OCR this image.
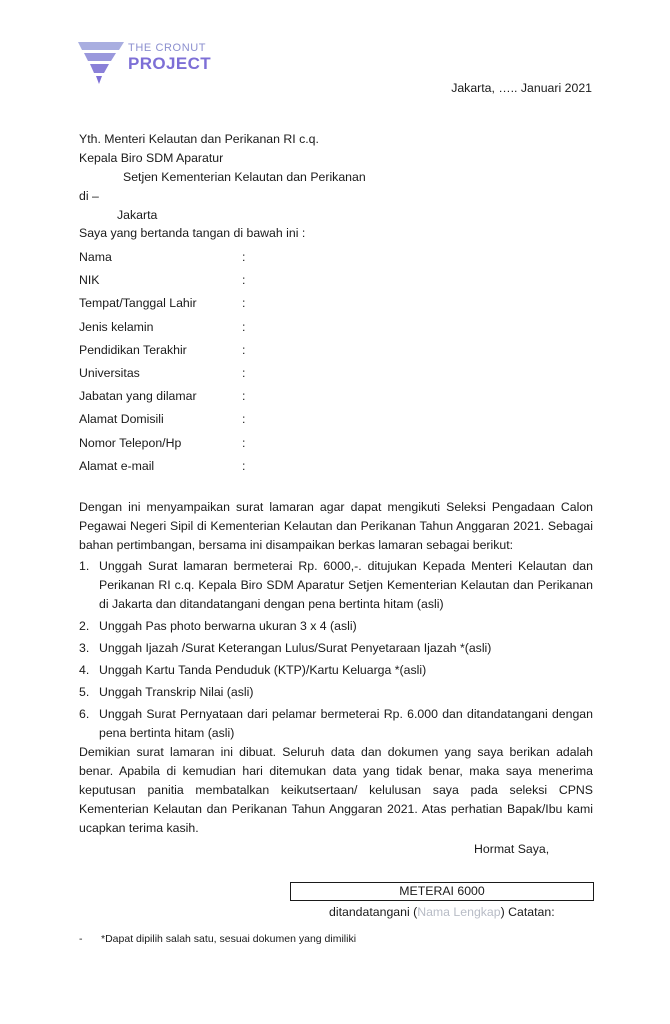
THE CRONUT
PROJECT
Jakarta, ….. Januari 2021
Yth. Menteri Kelautan dan Perikanan RI c.q.
Kepala Biro SDM Aparatur
Setjen Kementerian Kelautan dan Perikanan
di –
Jakarta
Saya yang bertanda tangan di bawah ini :
Nama	:
NIK	:
Tempat/Tanggal Lahir	:
Jenis kelamin	:
Pendidikan Terakhir	:
Universitas	:
Jabatan yang dilamar	:
Alamat Domisili	:
Nomor Telepon/Hp	:
Alamat e-mail	:
Dengan ini menyampaikan surat lamaran agar dapat mengikuti Seleksi Pengadaan Calon Pegawai Negeri Sipil di Kementerian Kelautan dan Perikanan Tahun Anggaran 2021. Sebagai bahan pertimbangan, bersama ini disampaikan berkas lamaran sebagai berikut:
1. Unggah Surat lamaran bermeterai Rp. 6000,-. ditujukan Kepada Menteri Kelautan dan Perikanan RI c.q. Kepala Biro SDM Aparatur Setjen Kementerian Kelautan dan Perikanan di Jakarta dan ditandatangani dengan pena bertinta hitam (asli)
2. Unggah Pas photo berwarna ukuran 3 x 4 (asli)
3. Unggah Ijazah /Surat Keterangan Lulus/Surat Penyetaraan Ijazah *(asli)
4. Unggah Kartu Tanda Penduduk (KTP)/Kartu Keluarga *(asli)
5. Unggah Transkrip Nilai (asli)
6. Unggah Surat Pernyataan dari pelamar bermeterai Rp. 6.000 dan ditandatangani dengan pena bertinta hitam (asli)
Demikian surat lamaran ini dibuat. Seluruh data dan dokumen yang saya berikan adalah benar. Apabila di kemudian hari ditemukan data yang tidak benar, maka saya menerima keputusan panitia membatalkan keikutsertaan/ kelulusan saya pada seleksi CPNS Kementerian Kelautan dan Perikanan Tahun Anggaran 2021. Atas perhatian Bapak/Ibu kami ucapkan terima kasih.
Hormat Saya,
METERAI 6000
ditandatangani (Nama Lengkap) Catatan:
- *Dapat dipilih salah satu, sesuai dokumen yang dimiliki
